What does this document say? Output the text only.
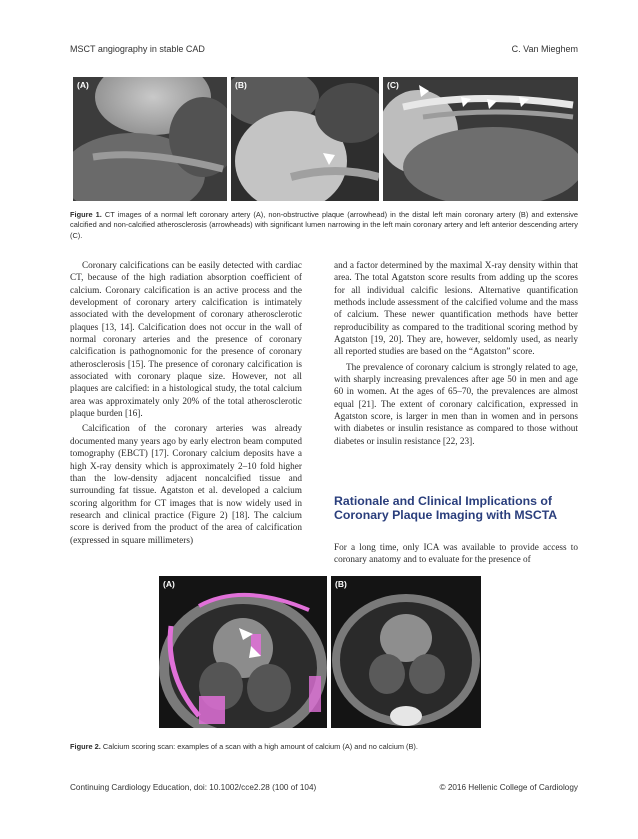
MSCT angiography in stable CAD	C. Van Mieghem
(A)	(B)	(C)
Figure 1. CT images of a normal left coronary artery (A), non-obstructive plaque (arrowhead) in the distal left main coronary artery (B) and extensive calcified and non-calcified atherosclerosis (arrowheads) with significant lumen narrowing in the left main coronary artery and left anterior descending artery (C).

Coronary calcifications can be easily detected with cardiac CT, because of the high radiation absorption coefficient of calcium. Coronary calcification is an active process and the development of coronary artery calcification is intimately associated with the development of coronary atherosclerotic plaques [13, 14]. Calcification does not occur in the wall of normal coronary arteries and the presence of coronary calcification is pathognomonic for the presence of coronary atherosclerosis [15]. The presence of coronary calcification is associated with coronary plaque size. However, not all plaques are calcified: in a histological study, the total calcium area was approximately only 20% of the total atherosclerotic plaque burden [16].

Calcification of the coronary arteries was already documented many years ago by early electron beam computed tomography (EBCT) [17]. Coronary calcium deposits have a high X-ray density which is approximately 2–10 fold higher than the low-density adjacent noncalcified tissue and surrounding fat tissue. Agatston et al. developed a calcium scoring algorithm for CT images that is now widely used in research and clinical practice (Figure 2) [18]. The calcium score is derived from the product of the area of calcification (expressed in square millimeters)

and a factor determined by the maximal X-ray density within that area. The total Agatston score results from adding up the scores for all individual calcific lesions. Alternative quantification methods include assessment of the calcified volume and the mass of calcium. These newer quantification methods have better reproducibility as compared to the traditional scoring method by Agatston [19, 20]. They are, however, seldomly used, as nearly all reported studies are based on the “Agatston” score.

The prevalence of coronary calcium is strongly related to age, with sharply increasing prevalences after age 50 in men and age 60 in women. At the ages of 65–70, the prevalences are almost equal [21]. The extent of coronary calcification, expressed in Agatston score, is larger in men than in women and in persons with diabetes or insulin resistance as compared to those without diabetes or insulin resistance [22, 23].

Rationale and Clinical Implications of Coronary Plaque Imaging with MSCTA

For a long time, only ICA was available to provide access to coronary anatomy and to evaluate for the presence of

(A)	(B)
Figure 2. Calcium scoring scan: examples of a scan with a high amount of calcium (A) and no calcium (B).
Continuing Cardiology Education, doi: 10.1002/cce2.28 (100 of 104)	© 2016 Hellenic College of Cardiology
